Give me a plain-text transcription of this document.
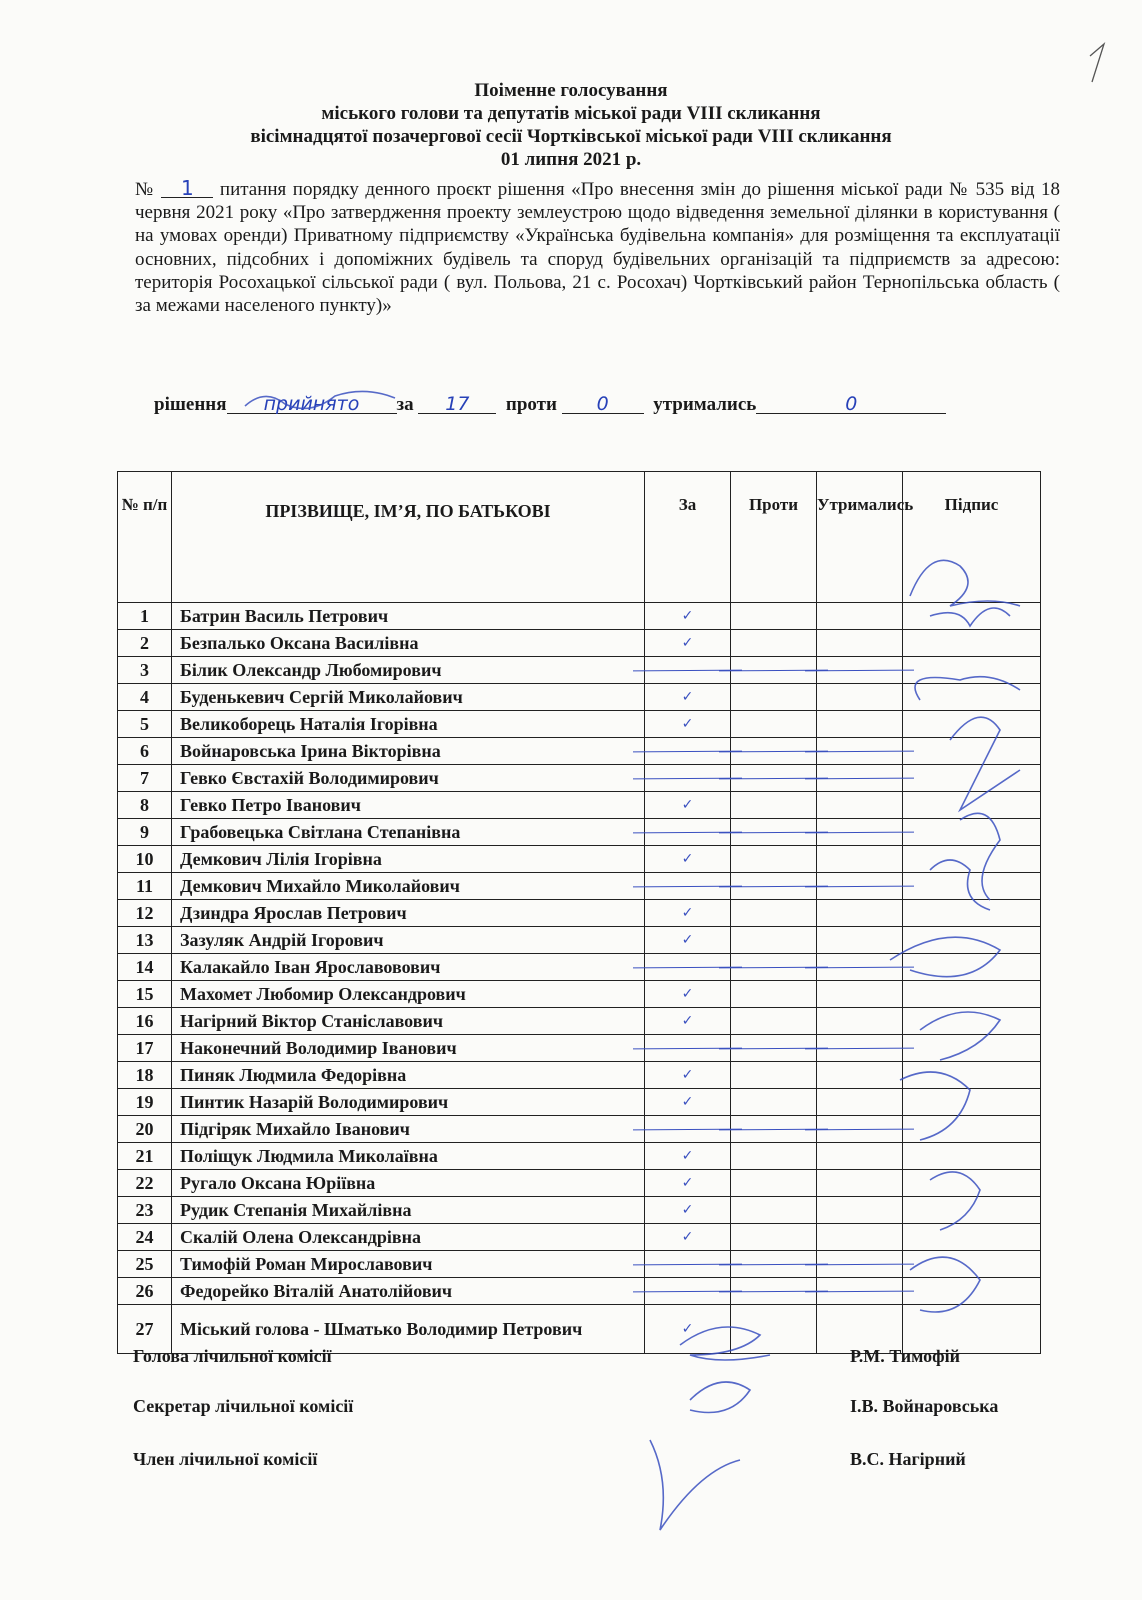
Поіменне голосування
міського голови та депутатів міської ради VIII скликання
вісімнадцятої позачергової сесії Чортківської міської ради VIII скликання
01 липня 2021 р.
№ 1 питання порядку денного проєкт рішення «Про внесення змін до рішення міської ради № 535 від 18 червня 2021 року «Про затвердження проекту землеустрою щодо відведення земельної ділянки в користування ( на умовах оренди) Приватному підприємству «Українська будівельна компанія» для розміщення та експлуатації основних, підсобних і допоміжних будівель та споруд будівельних організацій та підприємств за адресою: територія Росохацької сільської ради ( вул. Польова, 21 с. Росохач) Чортківський район Тернопільська область ( за межами населеного пункту)»
рішення прийнято за 17 проти 0 утримались	0
№ п/п	ПРІЗВИЩЕ, ІМ’Я, ПО БАТЬКОВІ	За	Проти	Утримались	Підпис
1	Батрин Василь Петрович	✓			
2	Безпалько Оксана Василівна	✓			
3	Білик Олександр Любомирович	

4	Буденькевич Сергій Миколайович	✓			
5	Великоборець Наталія Ігорівна	✓			
6	Войнаровська Ірина Вікторівна	

7	Гевко Євстахій Володимирович	

8	Гевко Петро Іванович	✓			
9	Грабовецька Світлана Степанівна	

10	Демкович Лілія Ігорівна	✓			
11	Демкович Михайло Миколайович	

12	Дзиндра Ярослав Петрович	✓			
13	Зазуляк Андрій Ігорович	✓			
14	Калакайло Іван Ярославовович	

15	Махомет Любомир Олександрович	✓			
16	Нагірний Віктор Станіславович	✓			
17	Наконечний Володимир Іванович	

18	Пиняк Людмила Федорівна	✓			
19	Пинтик Назарій Володимирович	✓			
20	Підгіряк Михайло Іванович	

21	Поліщук Людмила Миколаївна	✓			
22	Ругало Оксана Юріївна	✓			
23	Рудик Степанія Михайлівна	✓			
24	Скалій Олена Олександрівна	✓			
25	Тимофій Роман Мирославович	

26	Федорейко Віталій Анатолійович	

27	Міський голова - Шматько Володимир Петрович	✓			
Голова лічильної комісії	Р.М. Тимофій
Секретар лічильної комісії	І.В. Войнаровська
Член лічильної комісії	В.С. Нагірний
